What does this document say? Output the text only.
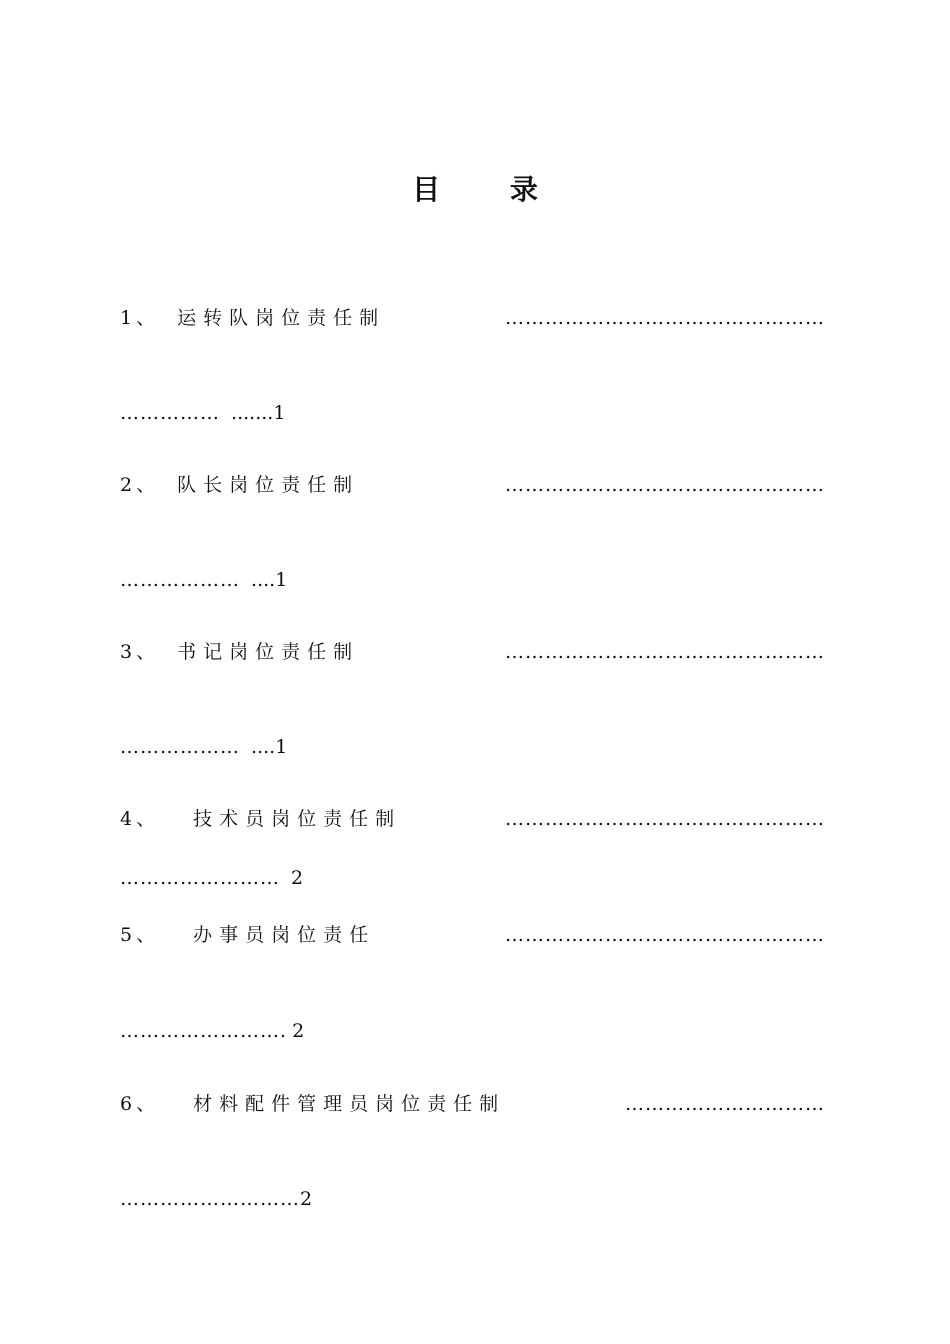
目 录
1、 运转队岗位责任制	…………………………………………
…………… .......1
2、 队长岗位责任制	…………………………………………
……………… ....1
3、 书记岗位责任制	…………………………………………
……………… ....1
4、 技术员岗位责任制	…………………………………………
…………………… 2
5、 办事员岗位责任	…………………………………………
……………………. 2
6、 材料配件管理员岗位责任制	…………………………
………………………2
